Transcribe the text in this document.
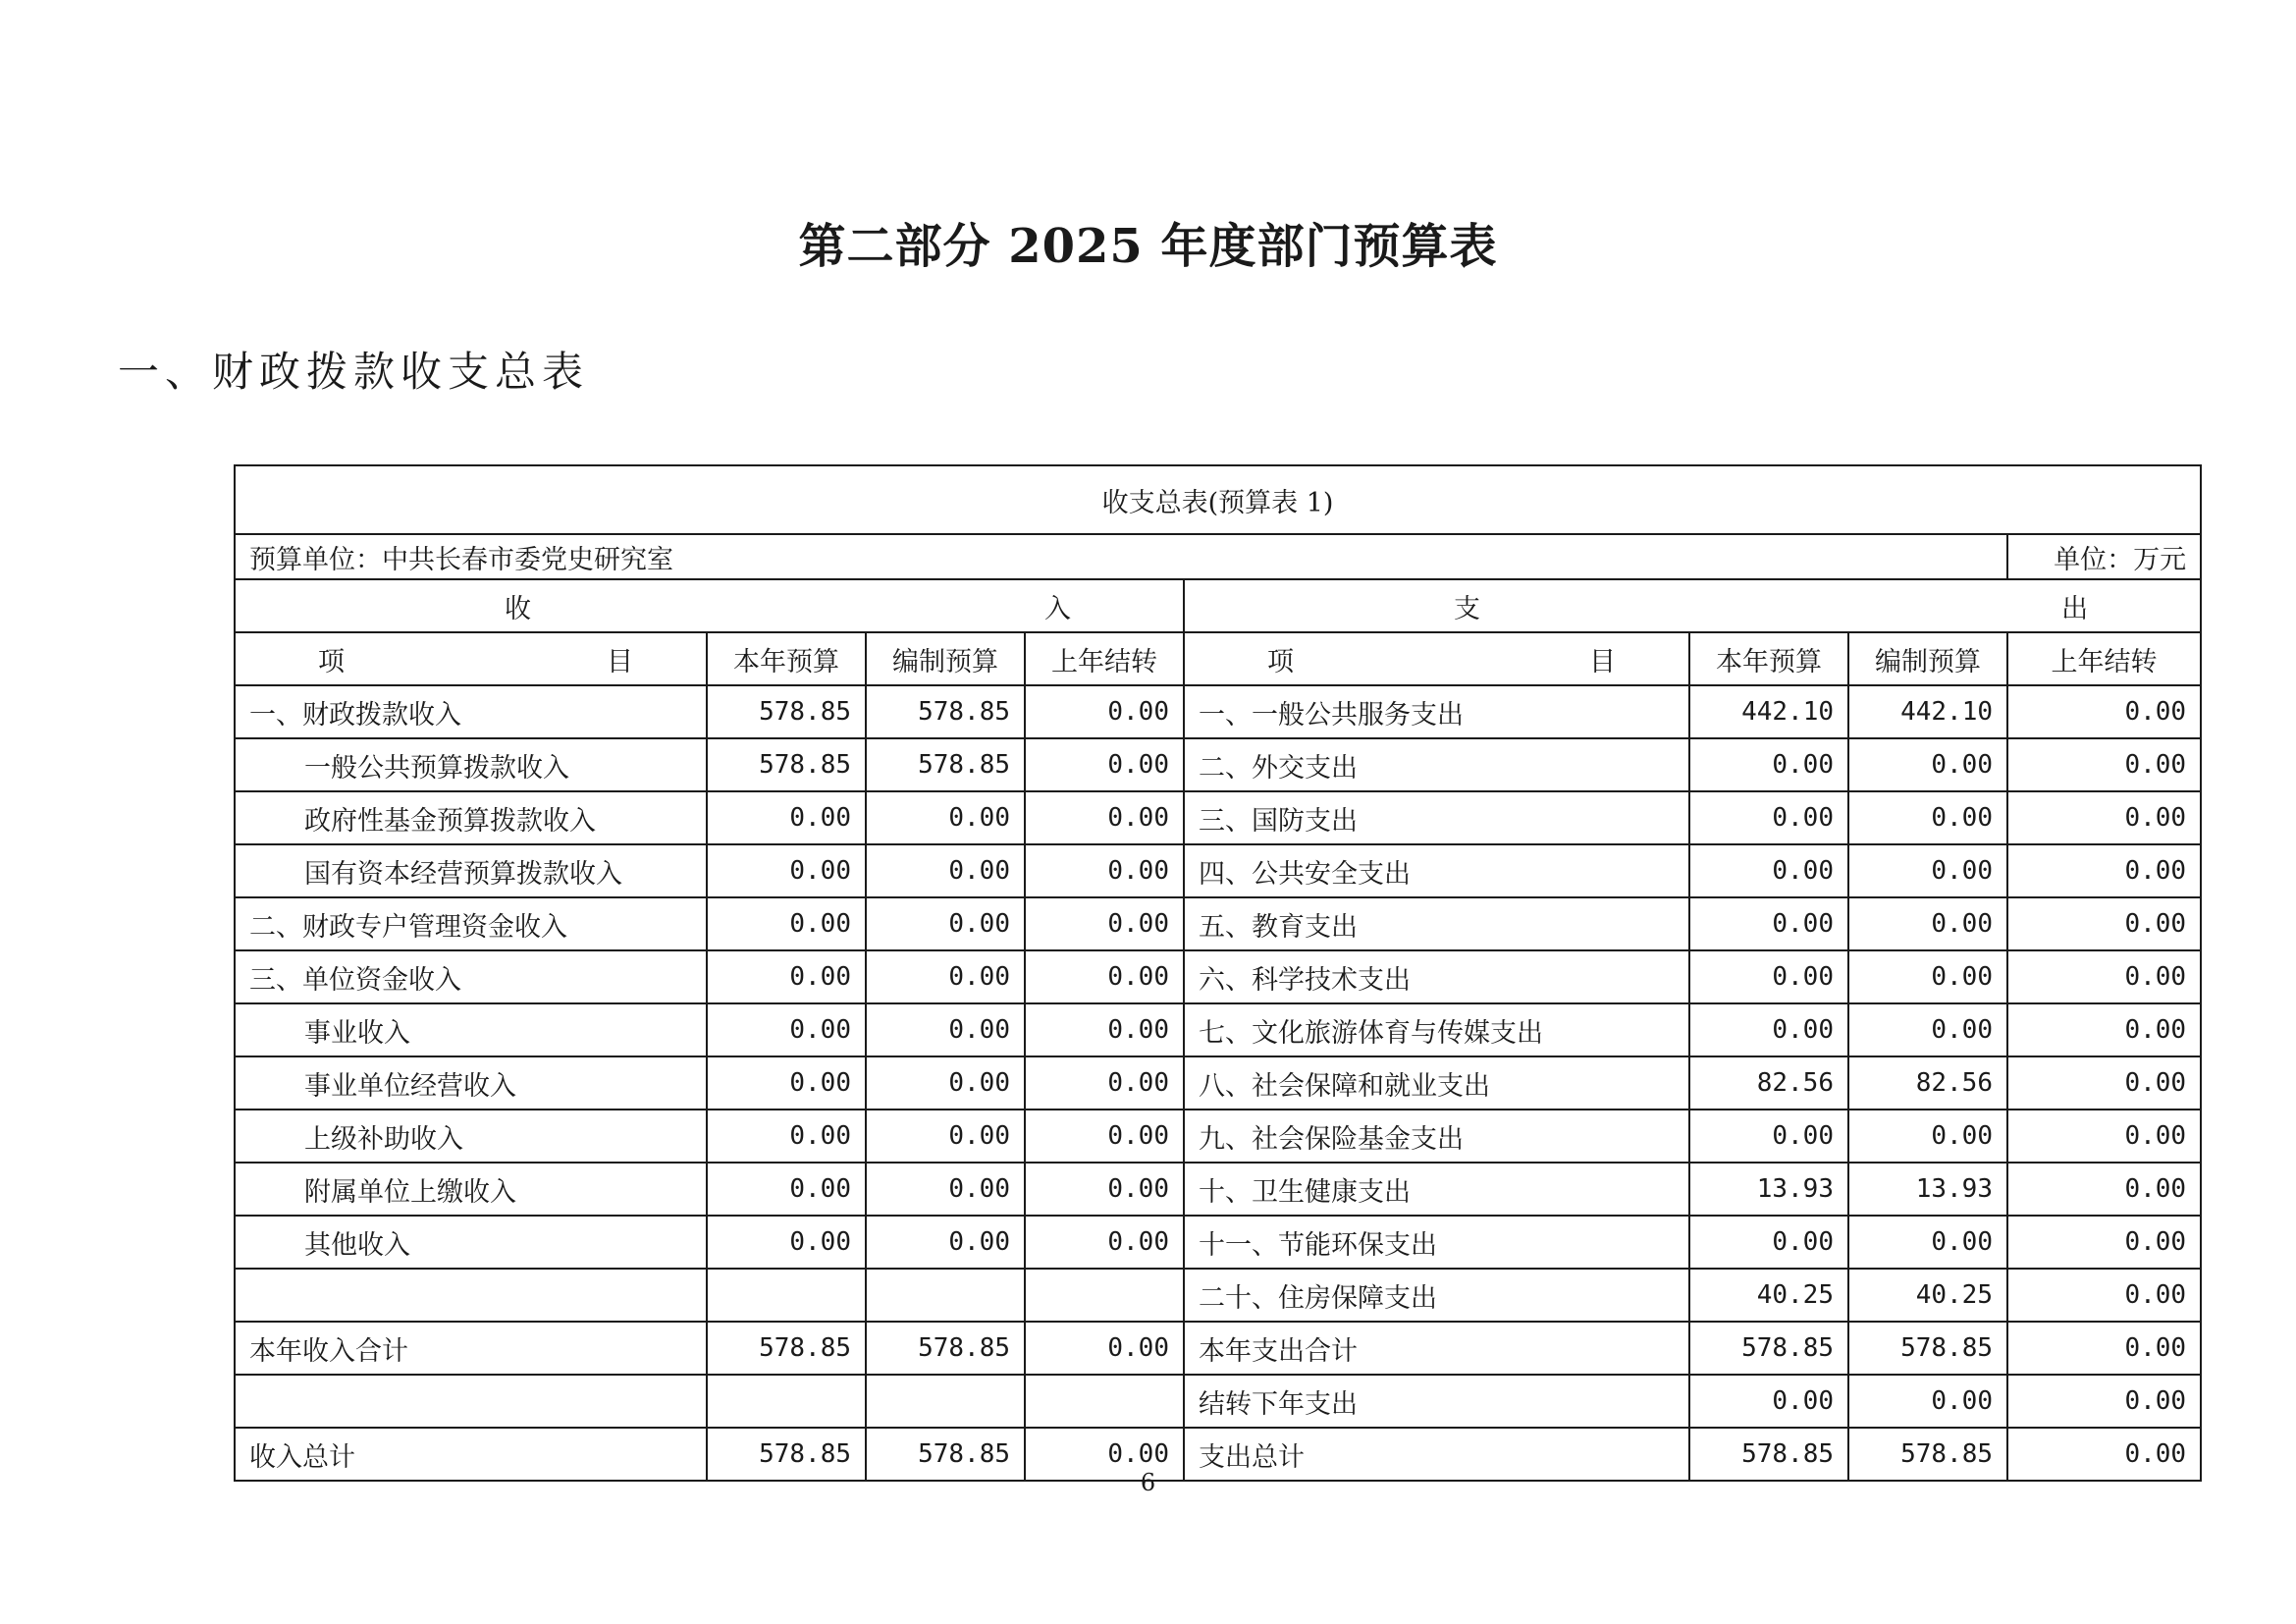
第二部分 2025 年度部门预算表
一、财政拨款收支总表
收支总表(预算表 1)							
预算单位：中共长春市委党史研究室							单位：万元

收 入				支 出			

项 目	本年预算	编制预算	上年结转	项 目	本年预算	编制预算	上年结转
一、财政拨款收入	578.85	578.85	0.00	一、一般公共服务支出	442.10	442.10	0.00
一般公共预算拨款收入	578.85	578.85	0.00	二、外交支出	0.00	0.00	0.00
政府性基金预算拨款收入	0.00	0.00	0.00	三、国防支出	0.00	0.00	0.00
国有资本经营预算拨款收入	0.00	0.00	0.00	四、公共安全支出	0.00	0.00	0.00
二、财政专户管理资金收入	0.00	0.00	0.00	五、教育支出	0.00	0.00	0.00
三、单位资金收入	0.00	0.00	0.00	六、科学技术支出	0.00	0.00	0.00
事业收入	0.00	0.00	0.00	七、文化旅游体育与传媒支出	0.00	0.00	0.00
事业单位经营收入	0.00	0.00	0.00	八、社会保障和就业支出	82.56	82.56	0.00
上级补助收入	0.00	0.00	0.00	九、社会保险基金支出	0.00	0.00	0.00
附属单位上缴收入	0.00	0.00	0.00	十、卫生健康支出	13.93	13.93	0.00
其他收入	0.00	0.00	0.00	十一、节能环保支出	0.00	0.00	0.00
				二十、住房保障支出	40.25	40.25	0.00
本年收入合计	578.85	578.85	0.00	本年支出合计	578.85	578.85	0.00
				结转下年支出	0.00	0.00	0.00
收入总计	578.85	578.85	0.00	支出总计	578.85	578.85	0.00
6
